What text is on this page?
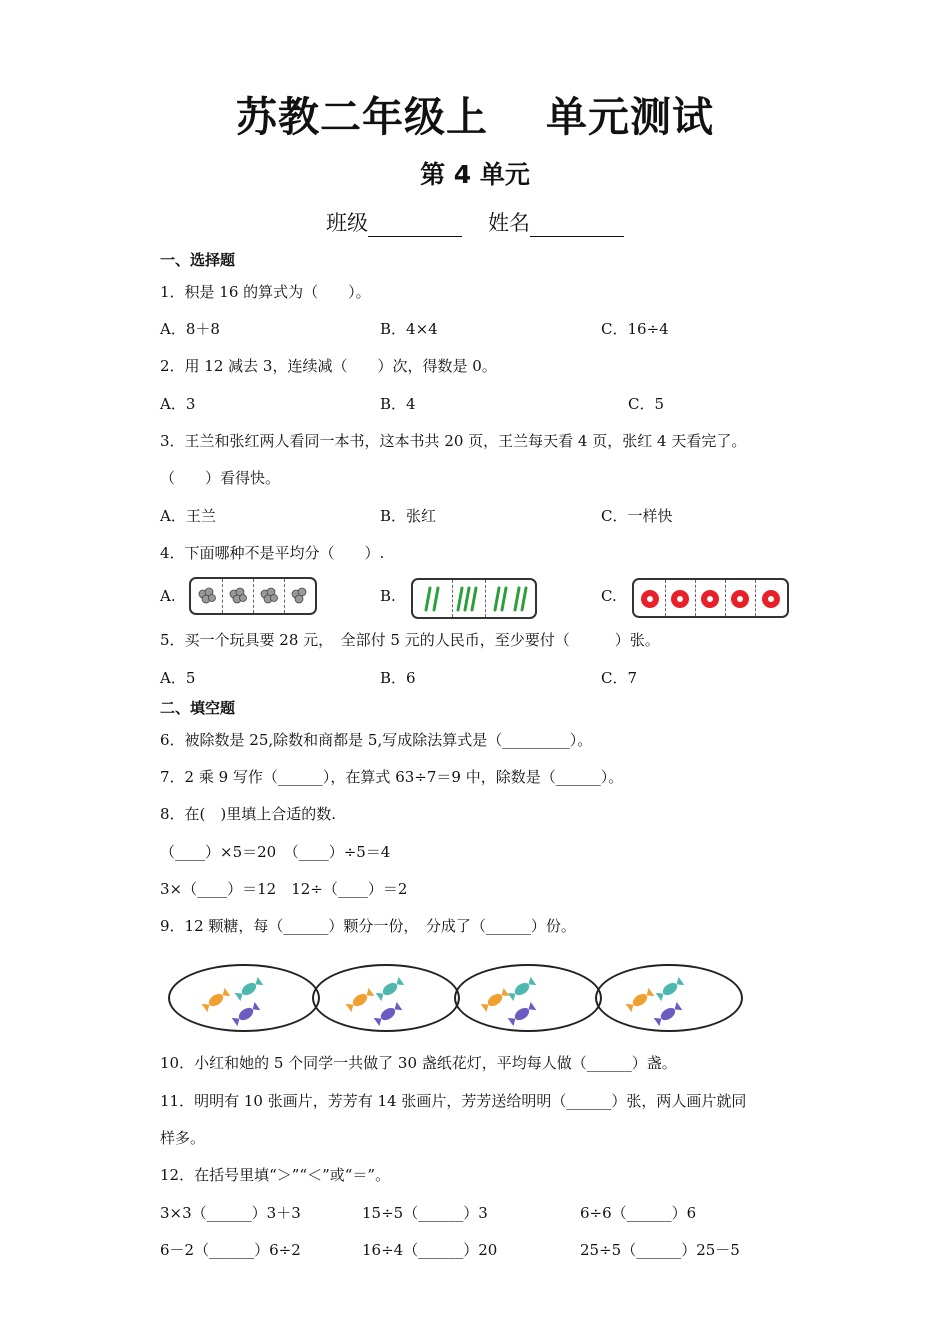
苏教二年级上 单元测试
第 4 单元
班级	姓名
一、选择题
1．积是 16 的算式为（　　）。
A．8＋8	B．4×4	C．16÷4
2．用 12 减去 3，连续减（　　）次，得数是 0。
A．3	B．4	C．5
3．王兰和张红两人看同一本书，这本书共 20 页，王兰每天看 4 页，张红 4 天看完了。
（　　）看得快。
A．王兰	B．张红	C．一样快
4．下面哪种不是平均分（　　）.
A.	B.	C.
5．买一个玩具要 28 元，　全部付 5 元的人民币，至少要付（　　　）张。
A．5	B．6	C．7
二、填空题
6．被除数是 25,除数和商都是 5,写成除法算式是（_________）。
7．2 乘 9 写作（______），在算式 63÷7＝9 中，除数是（______）。
8．在(　)里填上合适的数.
（____）×5＝20　（____）÷5＝4
3×（____）＝12　12÷（____）＝2
9．12 颗糖，每（______）颗分一份，　分成了（______）份。
10．小红和她的 5 个同学一共做了 30 盏纸花灯，平均每人做（______）盏。
11．明明有 10 张画片，芳芳有 14 张画片，芳芳送给明明（______）张，两人画片就同
样多。
12．在括号里填“＞”“＜”或“＝”。
3×3（______）3＋3	15÷5（______）3	6÷6（______）6
6－2（______）6÷2	16÷4（______）20	25÷5（______）25－5
